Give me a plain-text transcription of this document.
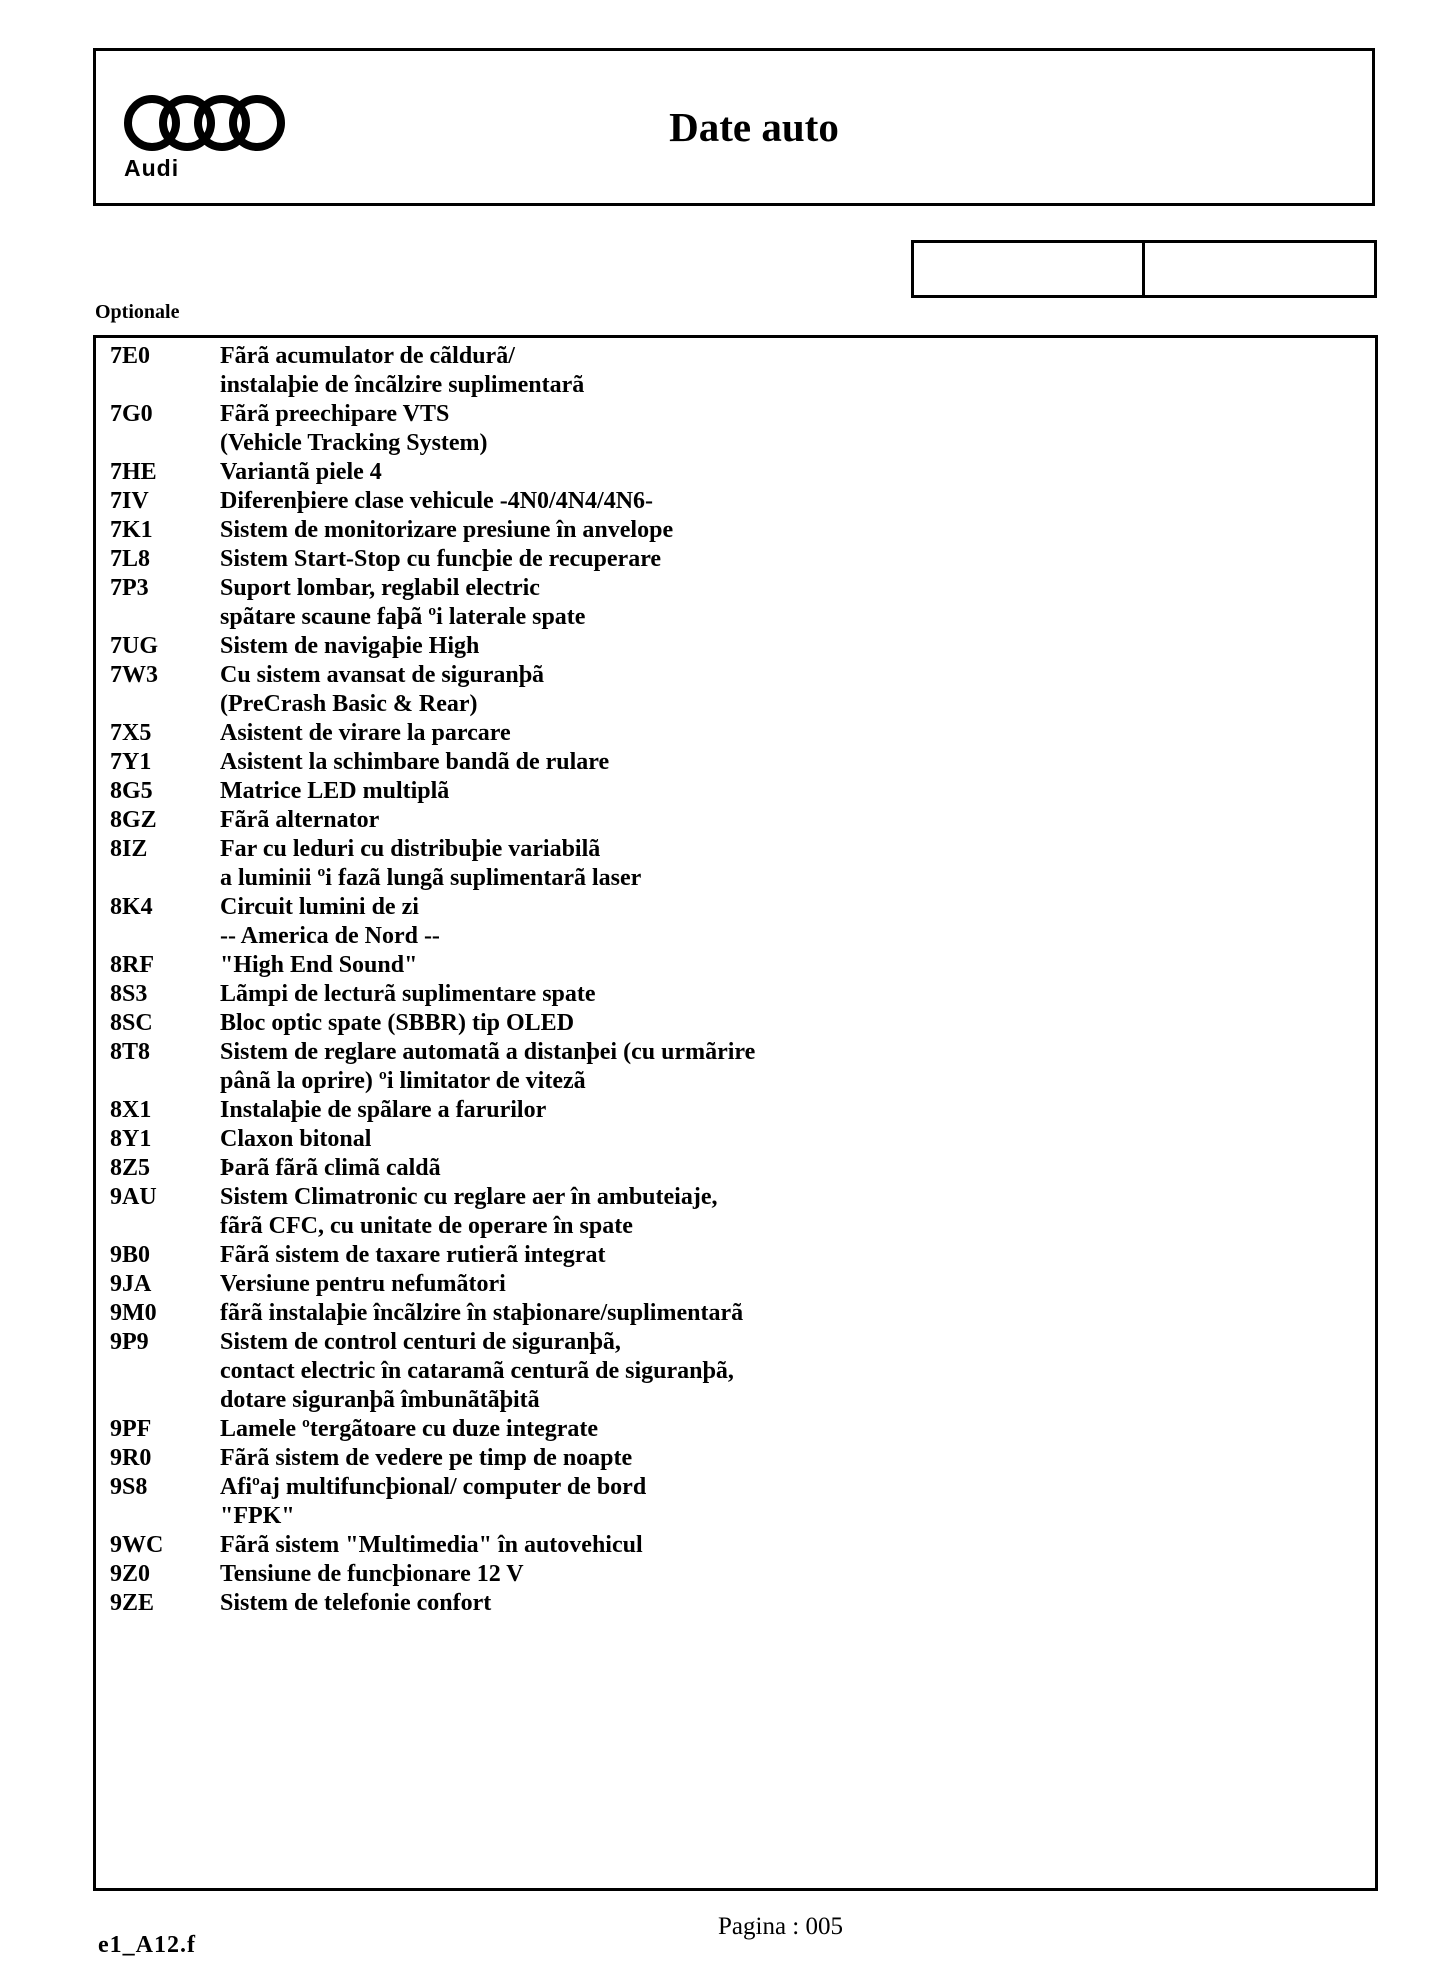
Audi
Date auto
Optionale
7E0	Fãrã acumulator de cãldurã/
instalaþie de încãlzire suplimentarã
7G0	Fãrã preechipare VTS
(Vehicle Tracking System)
7HE	Variantã piele 4
7IV	Diferenþiere clase vehicule -4N0/4N4/4N6-
7K1	Sistem de monitorizare presiune în anvelope
7L8	Sistem Start-Stop cu funcþie de recuperare
7P3	Suport lombar, reglabil electric
spãtare scaune faþã ºi laterale spate
7UG	Sistem de navigaþie High
7W3	Cu sistem avansat de siguranþã
(PreCrash Basic & Rear)
7X5	Asistent de virare la parcare
7Y1	Asistent la schimbare bandã de rulare
8G5	Matrice LED multiplã
8GZ	Fãrã alternator
8IZ	Far cu leduri cu distribuþie variabilã
a luminii ºi fazã lungã suplimentarã laser
8K4	Circuit lumini de zi
-- America de Nord --
8RF	"High End Sound"
8S3	Lãmpi de lecturã suplimentare spate
8SC	Bloc optic spate (SBBR) tip OLED
8T8	Sistem de reglare automatã a distanþei (cu urmãrire
pânã la oprire) ºi limitator de vitezã
8X1	Instalaþie de spãlare a farurilor
8Y1	Claxon bitonal
8Z5	Þarã fãrã climã caldã
9AU	Sistem Climatronic cu reglare aer în ambuteiaje,
fãrã CFC, cu unitate de operare în spate
9B0	Fãrã sistem de taxare rutierã integrat
9JA	Versiune pentru nefumãtori
9M0	fãrã instalaþie încãlzire în staþionare/suplimentarã
9P9	Sistem de control centuri de siguranþã,
contact electric în cataramã centurã de siguranþã,
dotare siguranþã îmbunãtãþitã
9PF	Lamele ºtergãtoare cu duze integrate
9R0	Fãrã sistem de vedere pe timp de noapte
9S8	Afiºaj multifuncþional/ computer de bord
"FPK"
9WC	Fãrã sistem "Multimedia" în autovehicul
9Z0	Tensiune de funcþionare 12 V
9ZE	Sistem de telefonie confort
e1_A12.f
Pagina : 005
